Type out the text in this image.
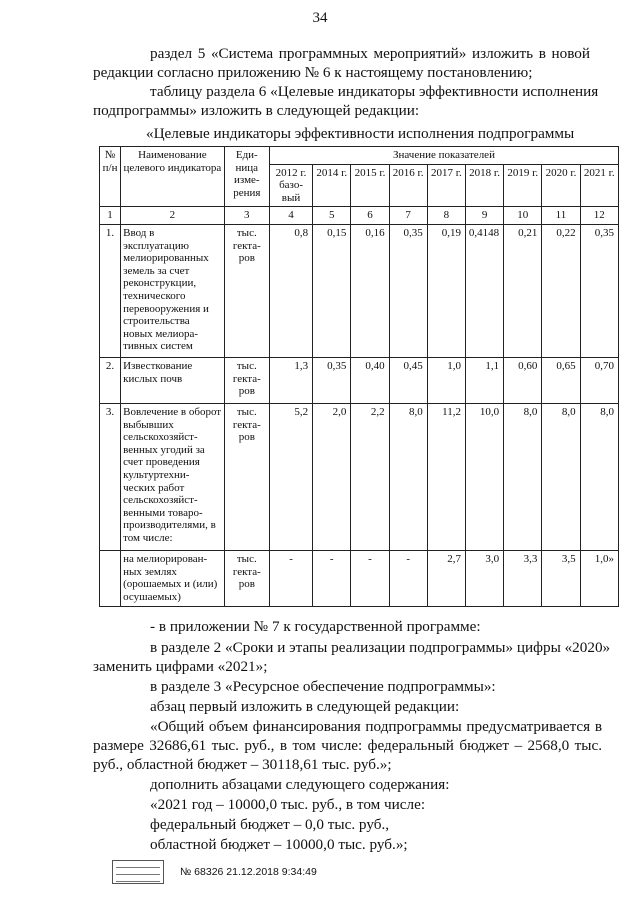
34
раздел 5 «Система программных мероприятий» изложить в новой
редакции согласно приложению № 6 к настоящему постановлению;
таблицу раздела 6 «Целевые индикаторы эффективности исполнения
подпрограммы» изложить в следующей редакции:
«Целевые индикаторы эффективности исполнения подпрограммы
№ п/н	Наименование целевого индикатора	Еди-ница изме-рения	Значение показателей								
			2012 г. базо-вый	2014 г.	2015 г.	2016 г.	2017 г.	2018 г.	2019 г.	2020 г.	2021 г.
1	2	3	4	5	6	7	8	9	10	11	12
1.	Ввод в эксплуатацию мелиорированных земель за счет реконструкции, технического перевооружения и строительства новых мелиора-тивных систем	тыс. гекта-ров	0,8	0,15	0,16	0,35	0,19	0,4148	0,21	0,22	0,35
2.	Известкование кислых почв	тыс. гекта-ров	1,3	0,35	0,40	0,45	1,0	1,1	0,60	0,65	0,70
3.	Вовлечение в оборот выбывших сельскохозяйст-венных угодий за счет проведения культуртехни-ческих работ сельскохозяйст-венными товаро-производителями, в том числе:	тыс. гекта-ров	5,2	2,0	2,2	8,0	11,2	10,0	8,0	8,0	8,0
	на мелиорирован-ных землях (орошаемых и (или) осушаемых)	тыс. гекта-ров	-	-	-	-	2,7	3,0	3,3	3,5	1,0»
- в приложении № 7 к государственной программе:
в разделе 2 «Сроки и этапы реализации подпрограммы» цифры «2020»
заменить цифрами «2021»;
в разделе 3 «Ресурсное обеспечение подпрограммы»:
абзац первый изложить в следующей редакции:
«Общий объем финансирования подпрограммы предусматривается в
размере 32686,61 тыс. руб., в том числе: федеральный бюджет – 2568,0 тыс.
руб., областной бюджет – 30118,61 тыс. руб.»;
дополнить абзацами следующего содержания:
«2021 год – 10000,0 тыс. руб., в том числе:
федеральный бюджет – 0,0 тыс. руб.,
областной бюджет – 10000,0 тыс. руб.»;
№ 68326 21.12.2018 9:34:49
